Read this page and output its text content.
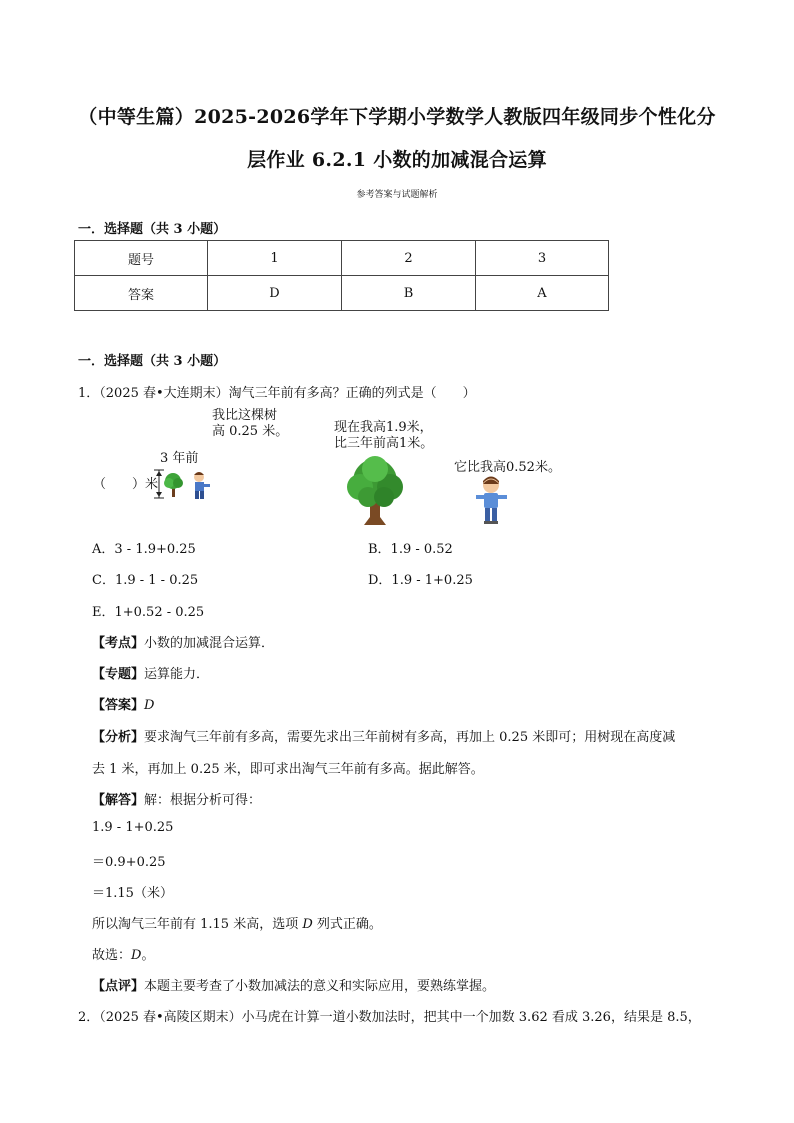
（中等生篇）2025-2026学年下学期小学数学人教版四年级同步个性化分
层作业 6.2.1 小数的加减混合运算
参考答案与试题解析
一．选择题（共 3 小题）
题号	1	2	3
答案	D	B	A
一．选择题（共 3 小题）
1．（2025 春•大连期末）淘气三年前有多高？正确的列式是（　　）
我比这棵树
高 0.25 米。
3 年前
（　　）米
现在我高1.9米，
比三年前高1米。
它比我高0.52米。
A．3 - 1.9+0.25	B．1.9 - 0.52
C．1.9 - 1 - 0.25	D．1.9 - 1+0.25
E．1+0.52 - 0.25
【考点】小数的加减混合运算．
【专题】运算能力．
【答案】D
【分析】要求淘气三年前有多高，需要先求出三年前树有多高，再加上 0.25 米即可；用树现在高度减
去 1 米，再加上 0.25 米，即可求出淘气三年前有多高。据此解答。
【解答】解：根据分析可得：
1.9 - 1+0.25
＝0.9+0.25
＝1.15（米）
所以淘气三年前有 1.15 米高，选项 D 列式正确。
故选：D。
【点评】本题主要考查了小数加减法的意义和实际应用，要熟练掌握。
2．（2025 春•高陵区期末）小马虎在计算一道小数加法时，把其中一个加数 3.62 看成 3.26，结果是 8.5，
